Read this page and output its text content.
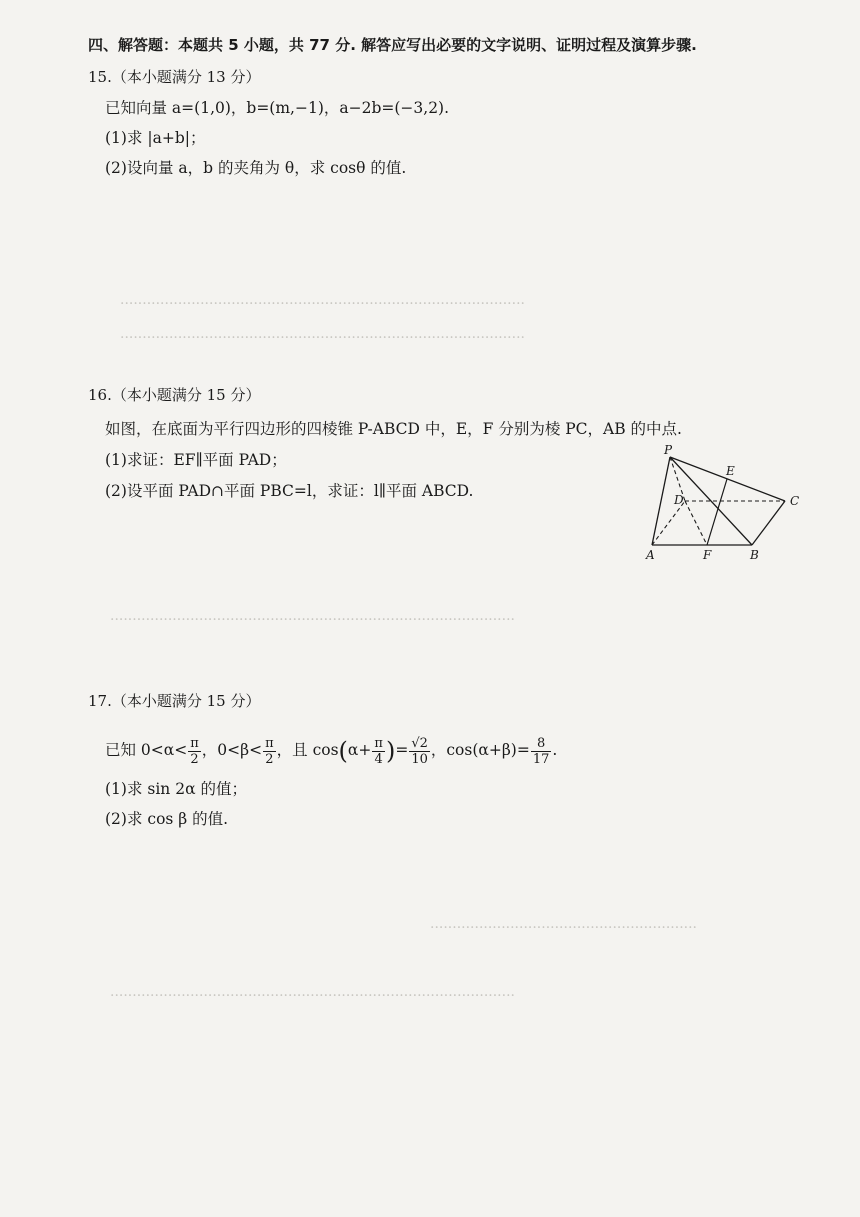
···························································································
···························································································
···························································································
····························································
···························································································
四、解答题：本题共 5 小题，共 77 分. 解答应写出必要的文字说明、证明过程及演算步骤.
15.（本小题满分 13 分）
已知向量 a=(1,0)，b=(m,−1)，a−2b=(−3,2).
(1)求 |a+b|；
(2)设向量 a，b 的夹角为 θ，求 cosθ 的值.
16.（本小题满分 15 分）
如图，在底面为平行四边形的四棱锥 P-ABCD 中，E，F 分别为棱 PC，AB 的中点.
(1)求证：EF∥平面 PAD；
(2)设平面 PAD∩平面 PBC=l，求证：l∥平面 ABCD.
P
E
D	C
A	F	B
17.（本小题满分 15 分）
已知 $0<\alpha< \frac{\pi}{2}$ ，$0<\beta< \frac{\pi}{2}$ ，且 $\cos(\alpha+ \frac{\pi}{4}$ )= $\frac{√2}{10}$ ，$\cos(\alpha+\beta)= \frac{8}{17}$ .
(1)求 sin 2α 的值；
(2)求 cos β 的值.
